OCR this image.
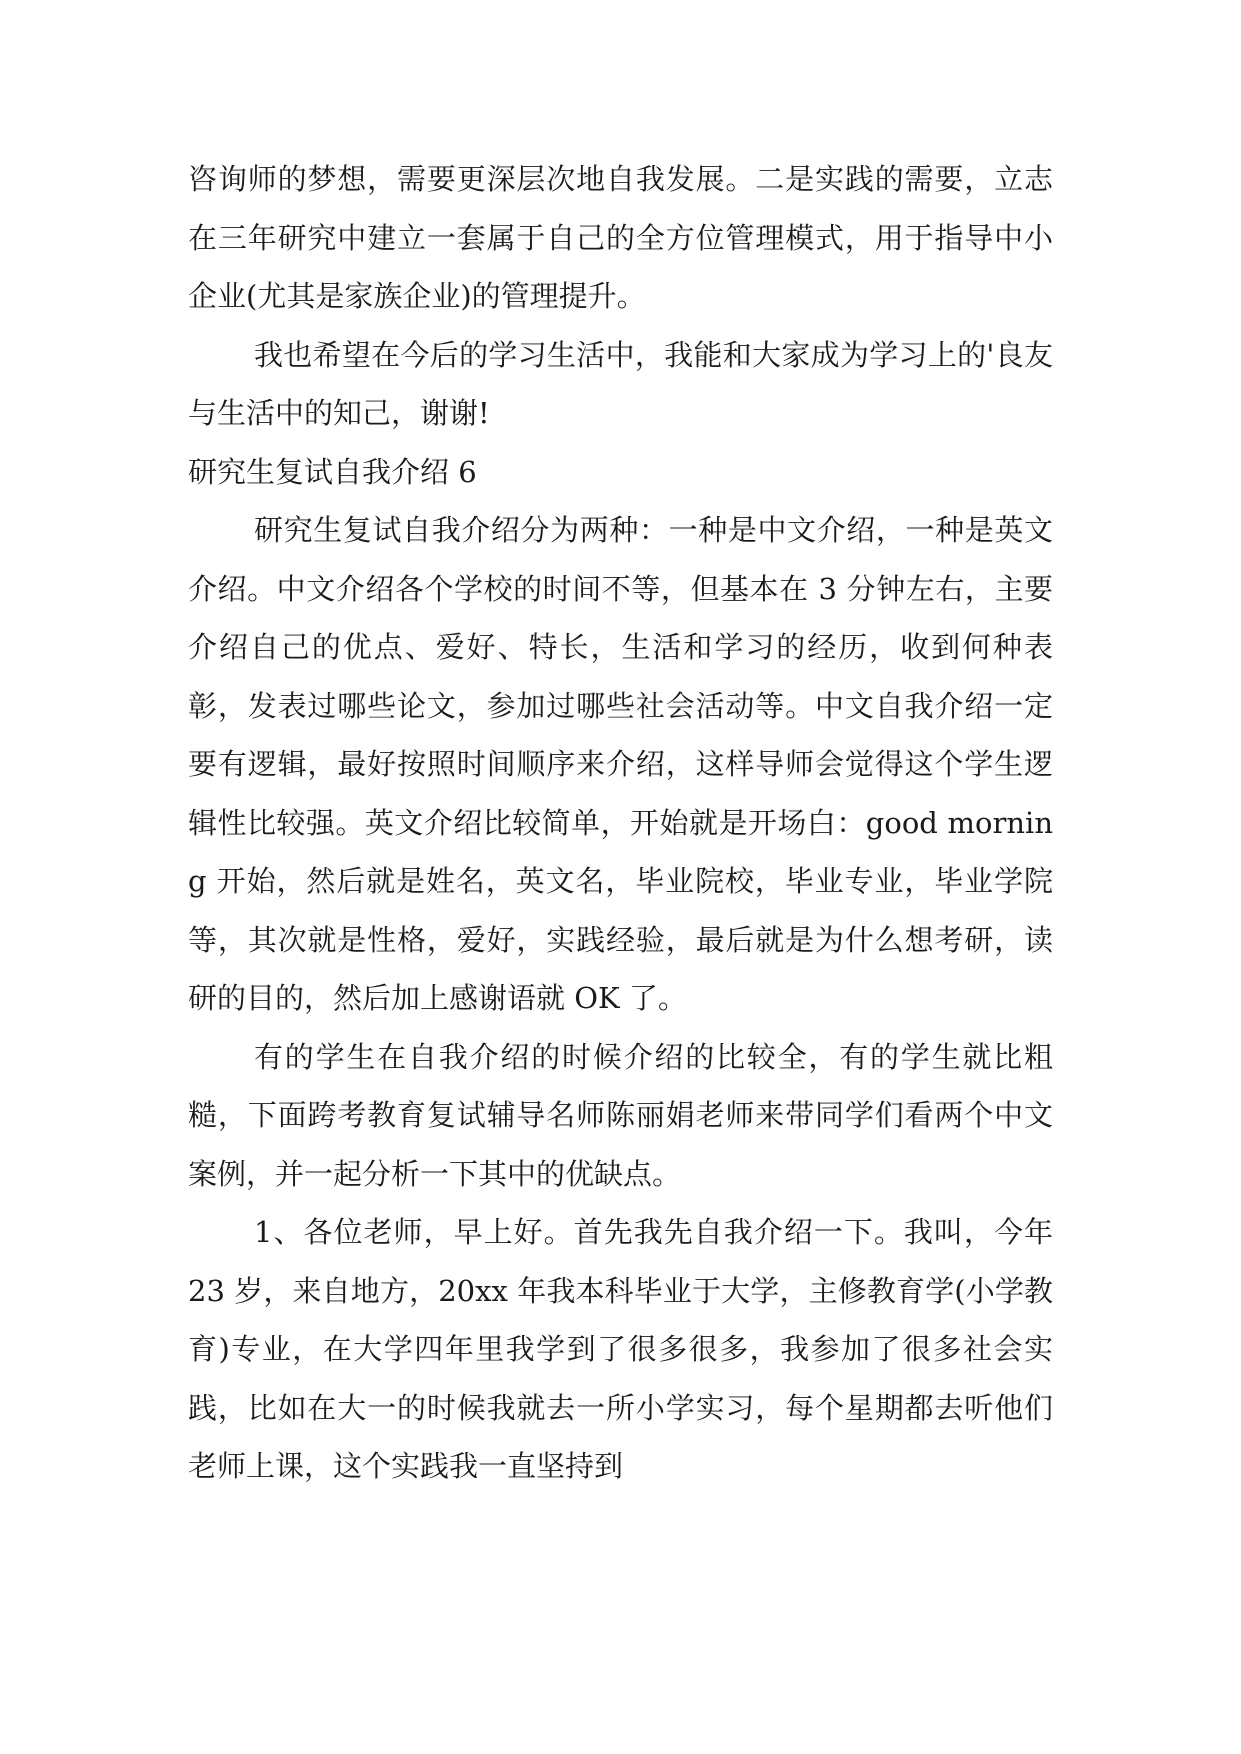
咨询师的梦想，需要更深层次地自我发展。二是实践的需要，立志在三年研究中建立一套属于自己的全方位管理模式，用于指导中小企业(尤其是家族企业)的管理提升。

我也希望在今后的学习生活中，我能和大家成为学习上的'良友与生活中的知己，谢谢!

研究生复试自我介绍 6

研究生复试自我介绍分为两种：一种是中文介绍，一种是英文介绍。中文介绍各个学校的时间不等，但基本在 3 分钟左右，主要介绍自己的优点、爱好、特长，生活和学习的经历，收到何种表彰，发表过哪些论文，参加过哪些社会活动等。中文自我介绍一定要有逻辑，最好按照时间顺序来介绍，这样导师会觉得这个学生逻辑性比较强。英文介绍比较简单，开始就是开场白：good morning 开始，然后就是姓名，英文名，毕业院校，毕业专业，毕业学院等，其次就是性格，爱好，实践经验，最后就是为什么想考研，读研的目的，然后加上感谢语就 OK 了。

有的学生在自我介绍的时候介绍的比较全，有的学生就比粗糙，下面跨考教育复试辅导名师陈丽娟老师来带同学们看两个中文案例，并一起分析一下其中的优缺点。

1、各位老师，早上好。首先我先自我介绍一下。我叫，今年 23 岁，来自地方，20xx 年我本科毕业于大学，主修教育学(小学教育)专业，在大学四年里我学到了很多很多，我参加了很多社会实践，比如在大一的时候我就去一所小学实习，每个星期都去听他们老师上课，这个实践我一直坚持到
